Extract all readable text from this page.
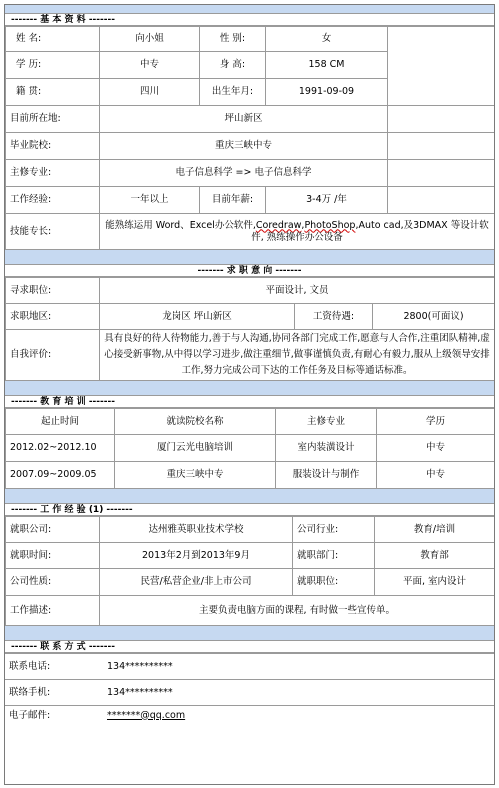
------- 基 本 资 料 -------
姓 名:	向小姐	性 别:	女	
学 历:	中专	身 高:	158 CM	
籍 贯:	四川	出生年月:	1991-09-09	
目前所在地:	坪山新区			
毕业院校:	重庆三峡中专			
主修专业:	电子信息科学 => 电子信息科学			
工作经验:	一年以上	目前年薪:	3-4万 /年	
技能专长:	能熟练运用 Word、Excel办公软件,Coredraw,PhotoShop,Auto cad,及3DMAX 等设计软件, 熟练操作办公设备			
------- 求 职 意 向 -------
寻求职位:	平面设计, 文员		
求职地区:	龙岗区 坪山新区	工资待遇:	2800(可面议)
自我评价:	具有良好的待人待物能力,善于与人沟通,协同各部门完成工作,愿意与人合作,注重团队精神,虚心接受新事物,从中得以学习进步,做注重细节,做事谨慎负责,有耐心有毅力,服从上级领导安排工作,努力完成公司下达的工作任务及目标等通话标准。		
------- 教 育 培 训 -------
起止时间	就读院校名称	主修专业	学历
2012.02~2012.10	厦门云光电脑培训	室内装潢设计	中专
2007.09~2009.05	重庆三峡中专	服装设计与制作	中专
------- 工 作 经 验 (1) -------
就职公司:	达州雅英职业技术学校	公司行业:	教育/培训
就职时间:	2013年2月到2013年9月	就职部门:	教育部
公司性质:	民营/私营企业/非上市公司	就职职位:	平面, 室内设计
工作描述:	主要负责电脑方面的课程, 有时做一些宣传单。		
------- 联 系 方 式 -------
联系电话:	134**********
联络手机:	134**********
电子邮件:	*******@qq.com
